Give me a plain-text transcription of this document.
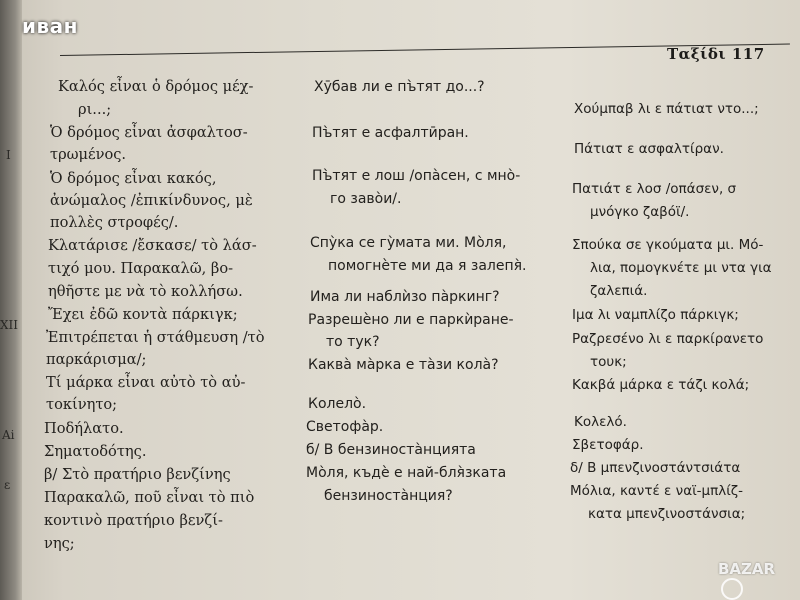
Ταξίδι 117
Καλός εἶναι ὁ δρόμος μέχ-
ρι...;
Ὁ δρόμος εἶναι ἀσφαλτοσ-
τρωμένος.
Ὁ δρόμος εἶναι κακός,
ἀνώμαλος /ἐπικίνδυνος, μὲ
πολλὲς στροφές/.
Κλατάρισε /ἔσκασε/ τὸ λάσ-
τιχό μου. Παρακαλῶ, βο-
ηθῆστε με νὰ τὸ κολλήσω.
Ἔχει ἐδῶ κοντὰ πάρκιγκ;
Ἐπιτρέπεται ἡ στάθμευση /τὸ
παρκάρισμα/;
Τί μάρκα εἶναι αὐτὸ τὸ αὐ-
τοκίνητο;
Ποδήλατο.
Σηματοδότης.
β/ Στὸ πρατήριο βενζίνης
Παρακαλῶ, ποῦ εἶναι τὸ πιὸ
κοντινὸ πρατήριο βενζί-
νης;
Хӯбав ли е пъ̀тят до...?
Пъ̀тят е асфалтӣран.
Пъ̀тят е лош /опа̀сен, с мно̀-
го заво̀и/.
Спу̀ка се гу̀мата ми. Мо̀ля,
помогнѐте ми да я залепя̀.
Има ли наблѝзо па̀ркинг?
Разрешѐно ли е паркѝране-
то тук?
Каква̀ ма̀рка е та̀зи кола̀?
Колело̀.
Светофа̀р.
б/ В бензиноста̀нцията
Мо̀ля, къдѐ е най-бля̀зката
бензиноста̀нция?
Χούμπαβ λι ε πάτιατ ντο...;
Πάτιατ ε ασφαλτίραν.
Πατιάτ ε λοσ /οπάσεν, σ
μνόγκο ζαβόϊ/.
Σπούκα σε γκούματα μι. Μό-
λια, πομογκνέτε μι ντα για
ζαλεπιά.
Ιμα λι ναμπλίζο πάρκιγκ;
Ραζρεσένο λι ε παρκίρανετο
τουκ;
Κακβά μάρκα ε τάζι κολά;
Κολελό.
Σβετοφάρ.
δ/ Β μπενζινοστάντσιάτα
Μόλια, καντέ ε ναϊ-μπλίζ-
κατα μπενζινοστάνσια;
I
XII
Ai
ε
иван
BAZAR
